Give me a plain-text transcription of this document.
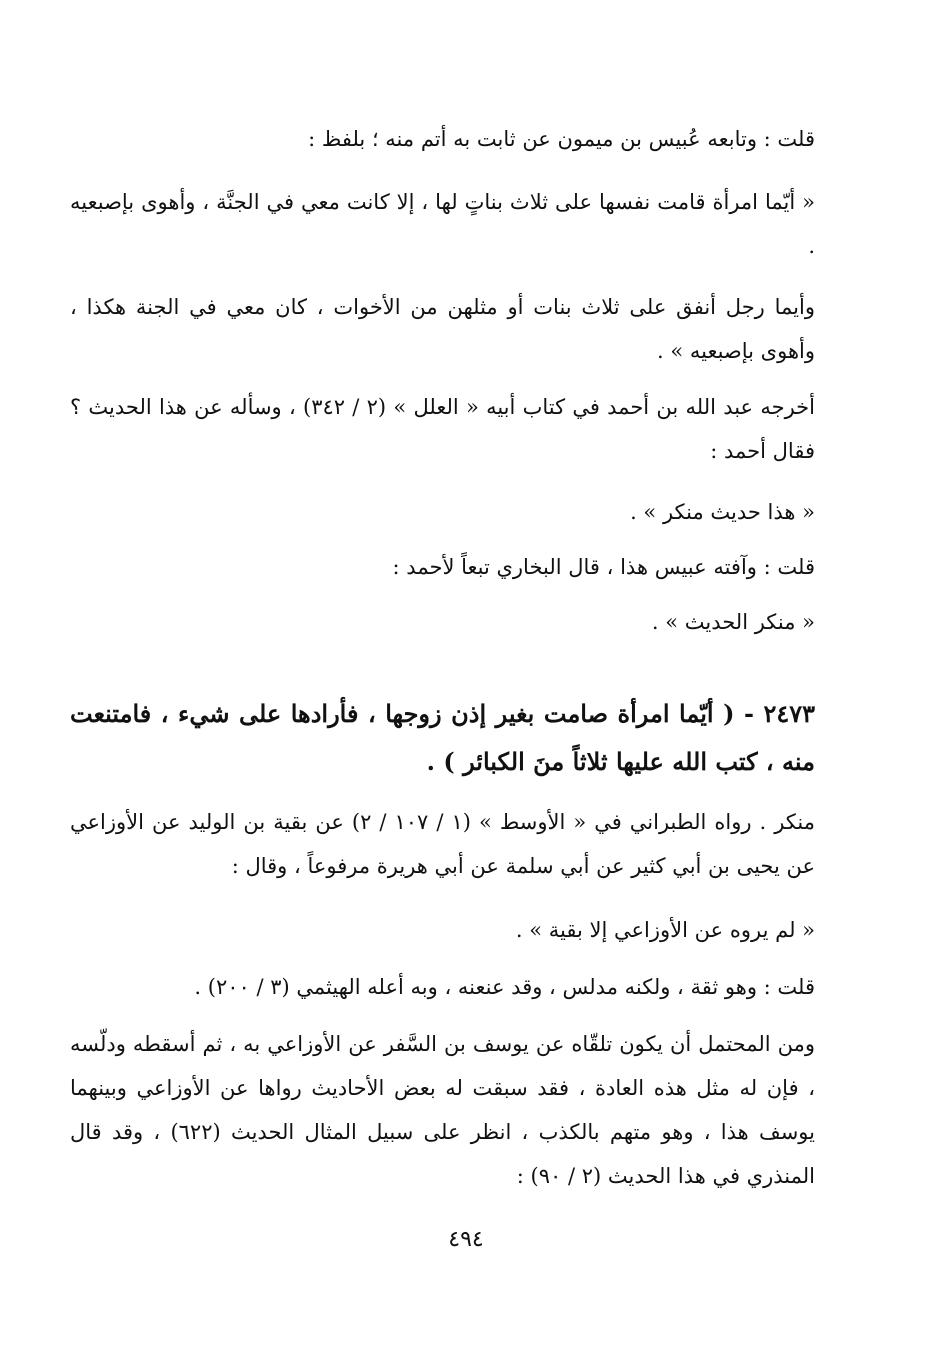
قلت : وتابعه عُبيس بن ميمون عن ثابت به أتم منه ؛ بلفظ :

« أيّما امرأة قامت نفسها على ثلاث بناتٍ لها ، إلا كانت معي في الجنَّة ، وأهوى بإصبعيه .

وأيما رجل أنفق على ثلاث بنات أو مثلهن من الأخوات ، كان معي في الجنة هكذا ، وأهوى بإصبعيه » .

أخرجه عبد الله بن أحمد في كتاب أبيه « العلل » (٢ / ٣٤٢) ، وسأله عن هذا الحديث ؟ فقال أحمد :

« هذا حديث منكر » .

قلت : وآفته عبيس هذا ، قال البخاري تبعاً لأحمد :

« منكر الحديث » .

٢٤٧٣ - ( أيّما امرأة صامت بغير إذن زوجها ، فأرادها على شيء ، فامتنعت منه ، كتب الله عليها ثلاثاً منَ الكبائر ) .

منكر . رواه الطبراني في « الأوسط » (١ / ١٠٧ / ٢) عن بقية بن الوليد عن الأوزاعي عن يحيى بن أبي كثير عن أبي سلمة عن أبي هريرة مرفوعاً ، وقال :

« لم يروه عن الأوزاعي إلا بقية » .

قلت : وهو ثقة ، ولكنه مدلس ، وقد عنعنه ، وبه أعله الهيثمي (٣ / ٢٠٠) .

ومن المحتمل أن يكون تلقّاه عن يوسف بن السَّفر عن الأوزاعي به ، ثم أسقطه ودلّسه ، فإن له مثل هذه العادة ، فقد سبقت له بعض الأحاديث رواها عن الأوزاعي وبينهما يوسف هذا ، وهو متهم بالكذب ، انظر على سبيل المثال الحديث (٦٢٢) ، وقد قال المنذري في هذا الحديث (٢ / ٩٠) :

٤٩٤
